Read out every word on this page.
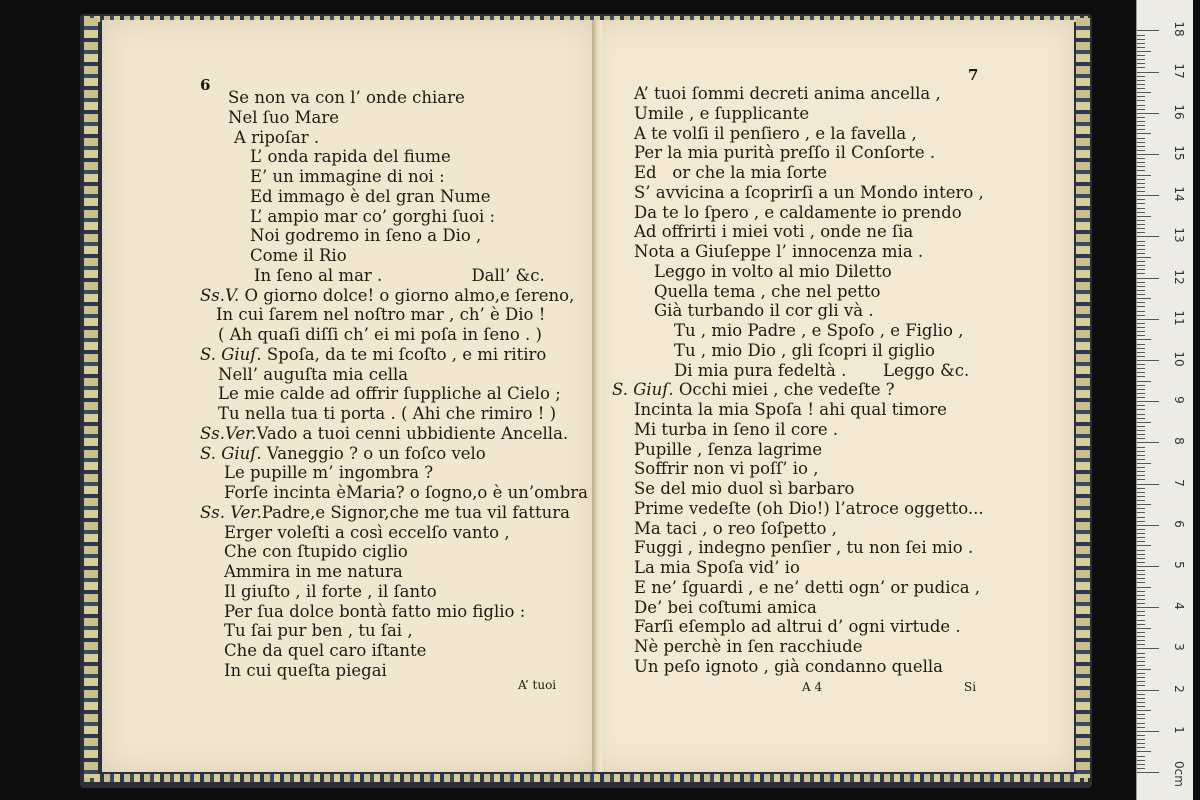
6
7
Se non va con l’ onde chiare
Nel ſuo Mare
A ripoſar .
L’ onda rapida del fiume
E’ un immagine di noi :
Ed immago è del gran Nume
L’ ampio mar co’ gorghi ſuoi :
Noi godremo in ſeno a Dio ,
Come il Rio
In ſeno al mar .                 Dall’ &c.
Ss.V. O giorno dolce! o giorno almo,e ſereno,
In cui ſarem nel noſtro mar , ch’ è Dio !
( Ah quaſi diſſi ch’ ei mi poſa in ſeno . )
S. Giuſ. Spoſa, da te mi ſcoſto , e mi ritiro
Nell’ auguſta mia cella
Le mie calde ad offrir ſuppliche al Cielo ;
Tu nella tua ti porta . ( Ahi che rimiro ! )
Ss.Ver.Vado a tuoi cenni ubbidiente Ancella.
S. Giuſ. Vaneggio ? o un foſco velo
Le pupille m’ ingombra ?
Forſe incinta èMaria? o ſogno,o è un’ombra
Ss. Ver.Padre,e Signor,che me tua vil fattura
Erger voleſti a così eccelſo vanto ,
Che con ſtupido ciglio
Ammira in me natura
Il giuſto , il forte , il ſanto
Per ſua dolce bontà fatto mio figlio :
Tu ſai pur ben , tu ſai ,
Che da quel caro iſtante
In cui queſta piegai
A’ tuoi ſommi decreti anima ancella ,
Umile , e ſupplicante
A te volſi il penſiero , e la favella ,
Per la mia purità preſſo il Conſorte .
Ed   or che la mia ſorte
S’ avvicina a ſcoprirſi a un Mondo intero ,
Da te lo ſpero , e caldamente io prendo
Ad offrirti i miei voti , onde ne ſia
Nota a Giuſeppe l’ innocenza mia .
Leggo in volto al mio Diletto
Quella tema , che nel petto
Già turbando il cor gli và .
Tu , mio Padre , e Spoſo , e Figlio ,
Tu , mio Dio , gli ſcopri il giglio
Di mia pura fedeltà .       Leggo &c.
S. Giuſ. Occhi miei , che vedeſte ?
Incinta la mia Spoſa ! ahi qual timore
Mi turba in ſeno il core .
Pupille , ſenza lagrime
Soffrir non vi poſſ’ io ,
Se del mio duol sì barbaro
Prime vedeſte (oh Dio!) l’atroce oggetto...
Ma taci , o reo ſoſpetto ,
Fuggi , indegno penſier , tu non ſei mio .
La mia Spoſa vid’ io
E ne’ ſguardi , e ne’ detti ogn’ or pudica ,
De’ bei coſtumi amica
Farſi eſemplo ad altrui d’ ogni virtude .
Nè perchè in ſen racchiude
Un peſo ignoto , già condanno quella
A’ tuoi	A 4	Si
0cm
1
2
3
4
5
6
7
8
9
10
11
12
13
14
15
16
17
18
